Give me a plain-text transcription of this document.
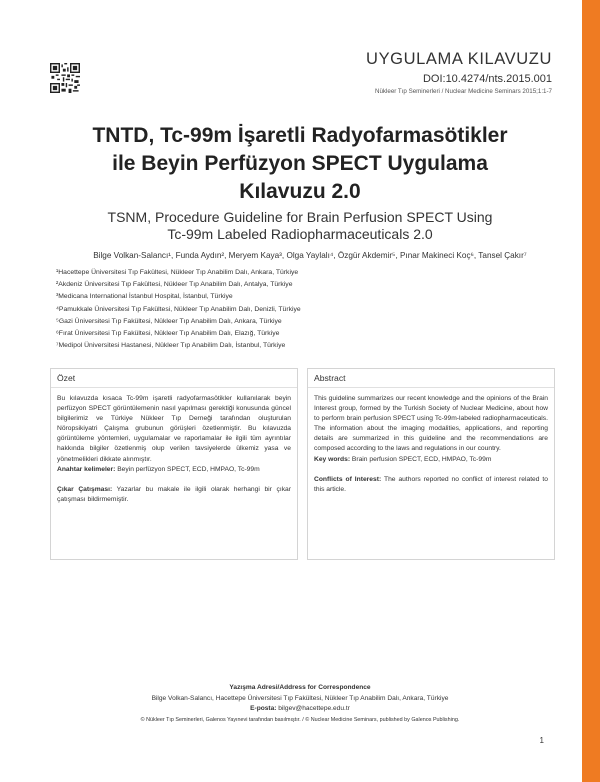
UYGULAMA KILAVUZU
DOI:10.4274/nts.2015.001
Nükleer Tıp Seminerleri / Nuclear Medicine Seminars 2015;1:1-7
TNTD, Tc-99m İşaretli Radyofarmasötikler
ile Beyin Perfüzyon SPECT Uygulama
Kılavuzu 2.0
TSNM, Procedure Guideline for Brain Perfusion SPECT Using
Tc-99m Labeled Radiopharmaceuticals 2.0
Bilge Volkan-Salancı¹, Funda Aydın², Meryem Kaya³, Olga Yaylalı⁴, Özgür Akdemir⁵, Pınar Makineci Koç⁶, Tansel Çakır⁷
¹Hacettepe Üniversitesi Tıp Fakültesi, Nükleer Tıp Anabilim Dalı, Ankara, Türkiye
²Akdeniz Üniversitesi Tıp Fakültesi, Nükleer Tıp Anabilim Dalı, Antalya, Türkiye
³Medicana International İstanbul Hospital, İstanbul, Türkiye
⁴Pamukkale Üniversitesi Tıp Fakültesi, Nükleer Tıp Anabilim Dalı, Denizli, Türkiye
⁵Gazi Üniversitesi Tıp Fakültesi, Nükleer Tıp Anabilim Dalı, Ankara, Türkiye
⁶Fırat Üniversitesi Tıp Fakültesi, Nükleer Tıp Anabilim Dalı, Elazığ, Türkiye
⁷Medipol Üniversitesi Hastanesi, Nükleer Tıp Anabilim Dalı, İstanbul, Türkiye
Özet

Bu kılavuzda kısaca Tc-99m işaretli radyofarmasötikler kullanılarak beyin perfüzyon SPECT görüntülemenin nasıl yapılması gerektiği konusunda güncel bilgilerimiz ve Türkiye Nükleer Tıp Derneği tarafından oluşturulan Nöropsikiyatri Çalışma grubunun görüşleri özetlenmiştir. Bu kılavuzda görüntüleme yöntemleri, uygulamalar ve raporlamalar ile ilgili tüm ayrıntılar hakkında bilgiler özetlenmiş olup verilen tavsiyelerde ülkemiz yasa ve yönetmelikleri dikkate alınmıştır.

Anahtar kelimeler: Beyin perfüzyon SPECT, ECD, HMPAO, Tc-99m

Çıkar Çatışması: Yazarlar bu makale ile ilgili olarak herhangi bir çıkar çatışması bildirmemiştir.

Abstract

This guideline summarizes our recent knowledge and the opinions of the Brain Interest group, formed by the Turkish Society of Nuclear Medicine, about how to perform brain perfusion SPECT using Tc-99m-labeled radiopharmaceuticals. The information about the imaging modalities, applications, and reporting details are summarized in this guideline and the recommendations are composed according to the laws and regulations in our country.

Key words: Brain perfusion SPECT, ECD, HMPAO, Tc-99m

Conflicts of Interest: The authors reported no conflict of interest related to this article.

Yazışma Adresi/Address for Correspondence
Bilge Volkan-Salancı, Hacettepe Üniversitesi Tıp Fakültesi, Nükleer Tıp Anabilim Dalı, Ankara, Türkiye
E-posta: bilgev@hacettepe.edu.tr
© Nükleer Tıp Seminerleri, Galenos Yayınevi tarafından basılmıştır. / © Nuclear Medicine Seminars, published by Galenos Publishing.
1
